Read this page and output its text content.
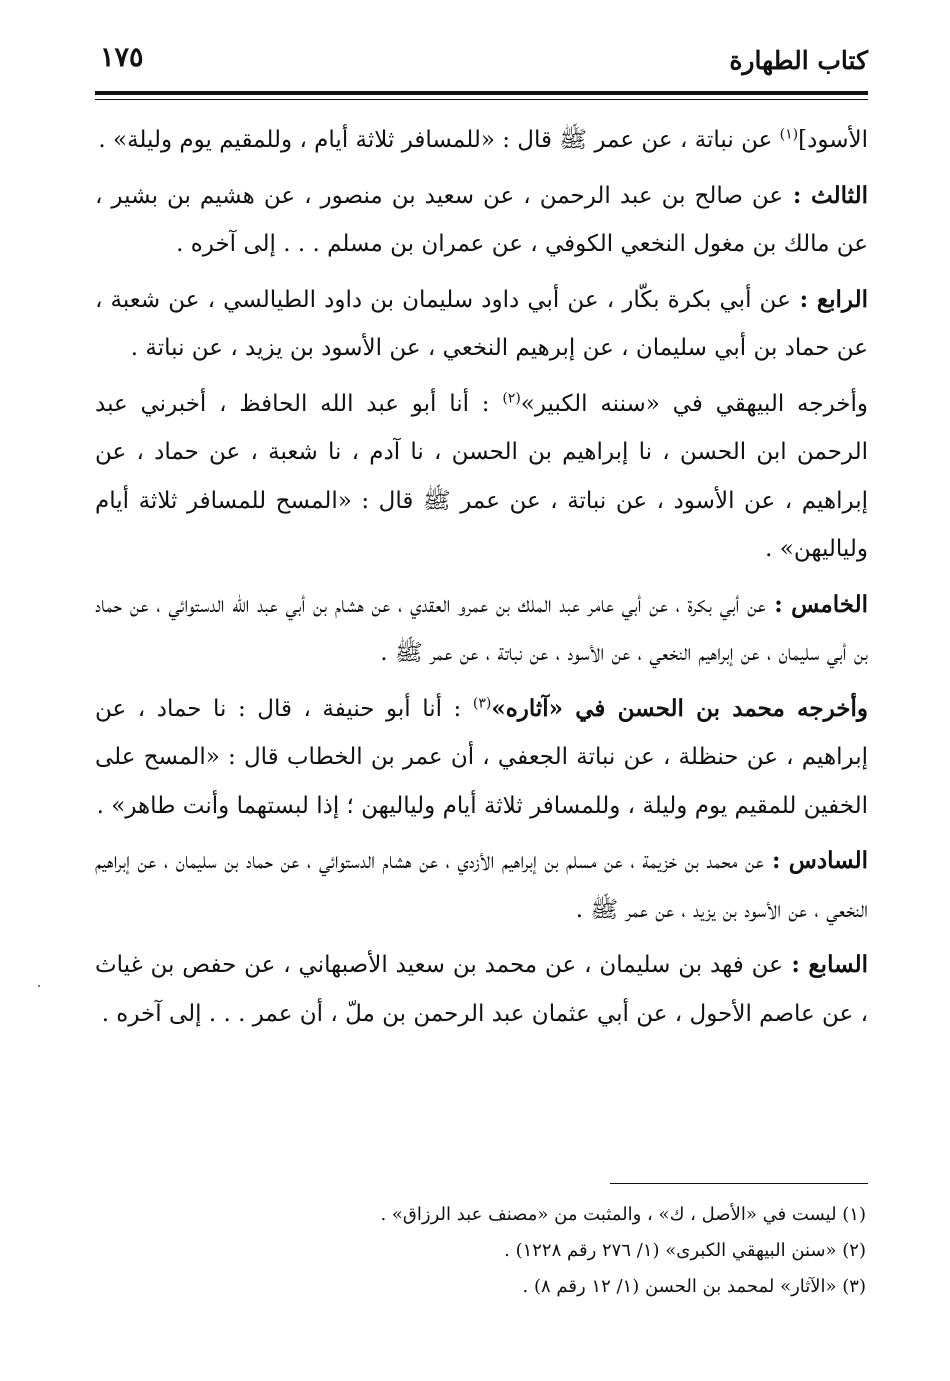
كتاب الطهارة
١٧٥

الأسود]$^{(١)}$ عن نباتة ، عن عمر ﷺ قال : «للمسافر ثلاثة أيام ، وللمقيم يوم وليلة» .

الثالث : عن صالح بن عبد الرحمن ، عن سعيد بن منصور ، عن هشيم بن بشير ، عن مالك بن مغول النخعي الكوفي ، عن عمران بن مسلم . . . إلى آخره .

الرابع : عن أبي بكرة بكّار ، عن أبي داود سليمان بن داود الطيالسي ، عن شعبة ، عن حماد بن أبي سليمان ، عن إبرهيم النخعي ، عن الأسود بن يزيد ، عن نباتة .

وأخرجه البيهقي في «سننه الكبير»$^{(٢)}$ : أنا أبو عبد الله الحافظ ، أخبرني عبد الرحمن ابن الحسن ، نا إبراهيم بن الحسن ، نا آدم ، نا شعبة ، عن حماد ، عن إبراهيم ، عن الأسود ، عن نباتة ، عن عمر ﷺ قال : «المسح للمسافر ثلاثة أيام ولياليهن» .

الخامس : عن أبي بكرة ، عن أبي عامر عبد الملك بن عمرو العقدي ، عن هشام بن أبي عبد الله الدستوائي ، عن حماد بن أبي سليمان ، عن إبراهيم النخعي ، عن الأسود ، عن نباتة ، عن عمر ﷺ .

وأخرجه محمد بن الحسن في «آثاره»$^{(٣)}$ : أنا أبو حنيفة ، قال : نا حماد ، عن إبراهيم ، عن حنظلة ، عن نباتة الجعفي ، أن عمر بن الخطاب قال : «المسح على الخفين للمقيم يوم وليلة ، وللمسافر ثلاثة أيام ولياليهن ؛ إذا لبستهما وأنت طاهر» .

السادس : عن محمد بن خزيمة ، عن مسلم بن إبراهيم الأزدي ، عن هشام الدستوائي ، عن حماد بن سليمان ، عن إبراهيم النخعي ، عن الأسود بن يزيد ، عن عمر ﷺ .

السابع : عن فهد بن سليمان ، عن محمد بن سعيد الأصبهاني ، عن حفص بن غياث ، عن عاصم الأحول ، عن أبي عثمان عبد الرحمن بن ملّ ، أن عمر . . . إلى آخره .

(١) ليست في «الأصل ، ك» ، والمثبت من «مصنف عبد الرزاق» .
(٢) «سنن البيهقي الكبرى» (١/ ٢٧٦ رقم ١٢٢٨) .
(٣) «الآثار» لمحمد بن الحسن (١/ ١٢ رقم ٨) .
